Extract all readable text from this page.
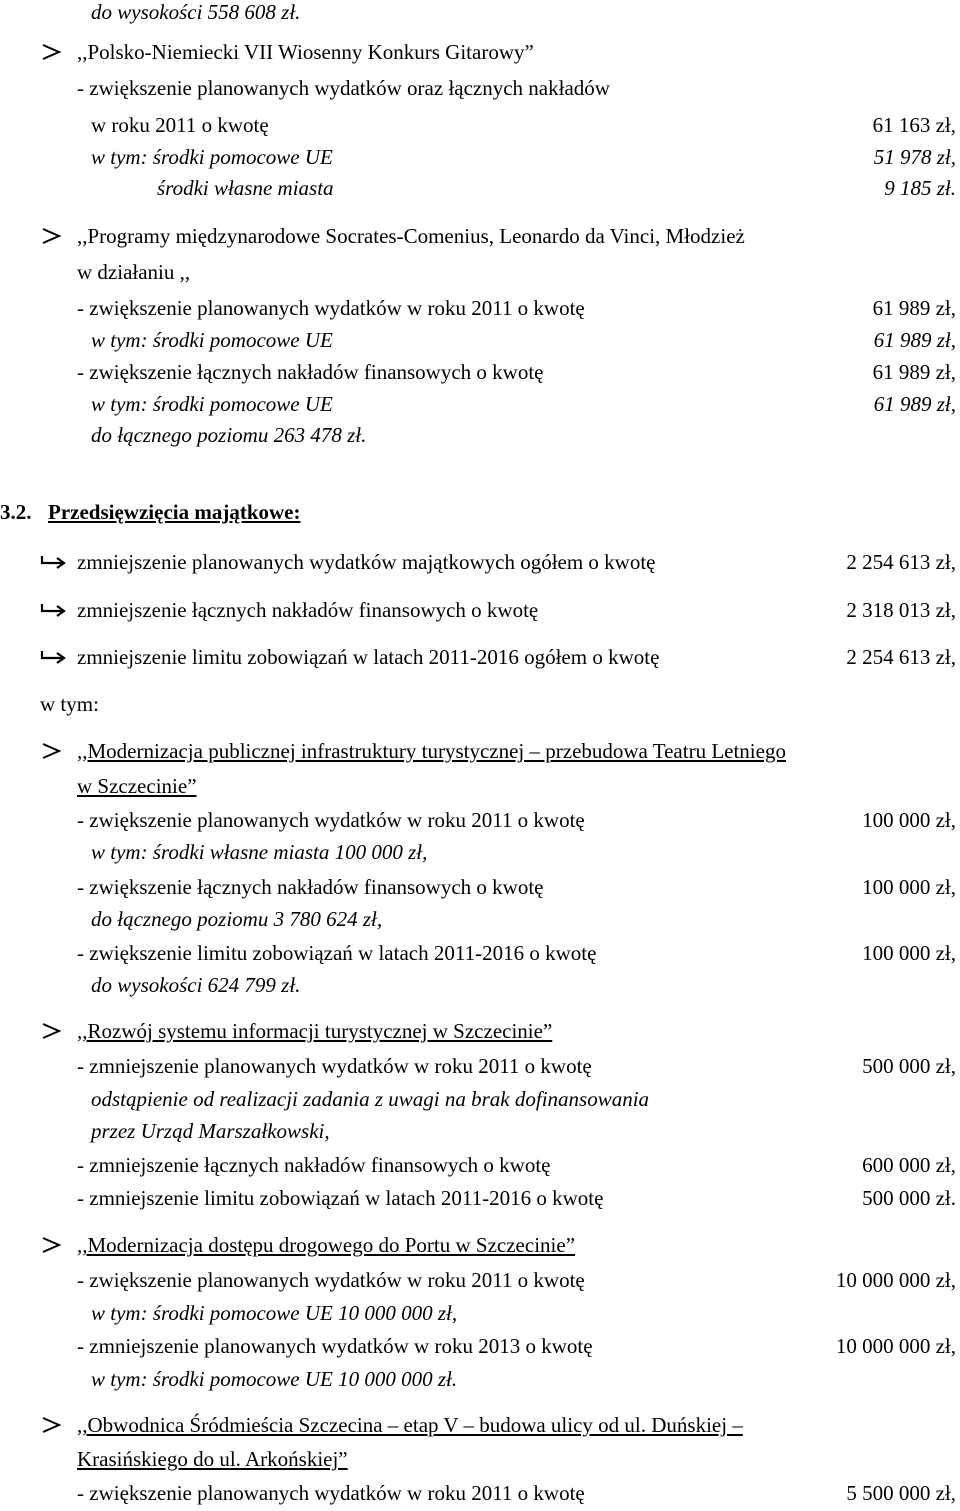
do wysokości 558 608 zł.
,,Polsko-Niemiecki VII Wiosenny Konkurs Gitarowy”
- zwiększenie planowanych wydatków oraz łącznych nakładów
w roku 2011 o kwotę	61 163 zł,
w tym: środki pomocowe UE	51 978 zł,
środki własne miasta	9 185 zł.
,,Programy międzynarodowe Socrates-Comenius, Leonardo da Vinci, Młodzież
w działaniu ,,
- zwiększenie planowanych wydatków w roku 2011 o kwotę	61 989 zł,
w tym: środki pomocowe UE	61 989 zł,
- zwiększenie łącznych nakładów finansowych o kwotę	61 989 zł,
w tym: środki pomocowe UE	61 989 zł,
do łącznego poziomu 263 478 zł.
3.2. Przedsięwzięcia majątkowe:
zmniejszenie planowanych wydatków majątkowych ogółem o kwotę	2 254 613 zł,
zmniejszenie łącznych nakładów finansowych o kwotę	2 318 013 zł,
zmniejszenie limitu zobowiązań w latach 2011-2016 ogółem o kwotę	2 254 613 zł,
w tym:
,,Modernizacja publicznej infrastruktury turystycznej – przebudowa Teatru Letniego
w Szczecinie”
- zwiększenie planowanych wydatków w roku 2011 o kwotę	100 000 zł,
w tym: środki własne miasta 100 000 zł,
- zwiększenie łącznych nakładów finansowych o kwotę	100 000 zł,
do łącznego poziomu 3 780 624 zł,
- zwiększenie limitu zobowiązań w latach 2011-2016 o kwotę	100 000 zł,
do wysokości 624 799 zł.
,,Rozwój systemu informacji turystycznej w Szczecinie”
- zmniejszenie planowanych wydatków w roku 2011 o kwotę	500 000 zł,
odstąpienie od realizacji zadania z uwagi na brak dofinansowania
przez Urząd Marszałkowski,
- zmniejszenie łącznych nakładów finansowych o kwotę	600 000 zł,
- zmniejszenie limitu zobowiązań w latach 2011-2016 o kwotę	500 000 zł.
,,Modernizacja dostępu drogowego do Portu w Szczecinie”
- zwiększenie planowanych wydatków w roku 2011 o kwotę	10 000 000 zł,
w tym: środki pomocowe UE 10 000 000 zł,
- zmniejszenie planowanych wydatków w roku 2013 o kwotę	10 000 000 zł,
w tym: środki pomocowe UE 10 000 000 zł.
,,Obwodnica Śródmieścia Szczecina – etap V – budowa ulicy od ul. Duńskiej –
Krasińskiego do ul. Arkońskiej”
- zwiększenie planowanych wydatków w roku 2011 o kwotę	5 500 000 zł,
